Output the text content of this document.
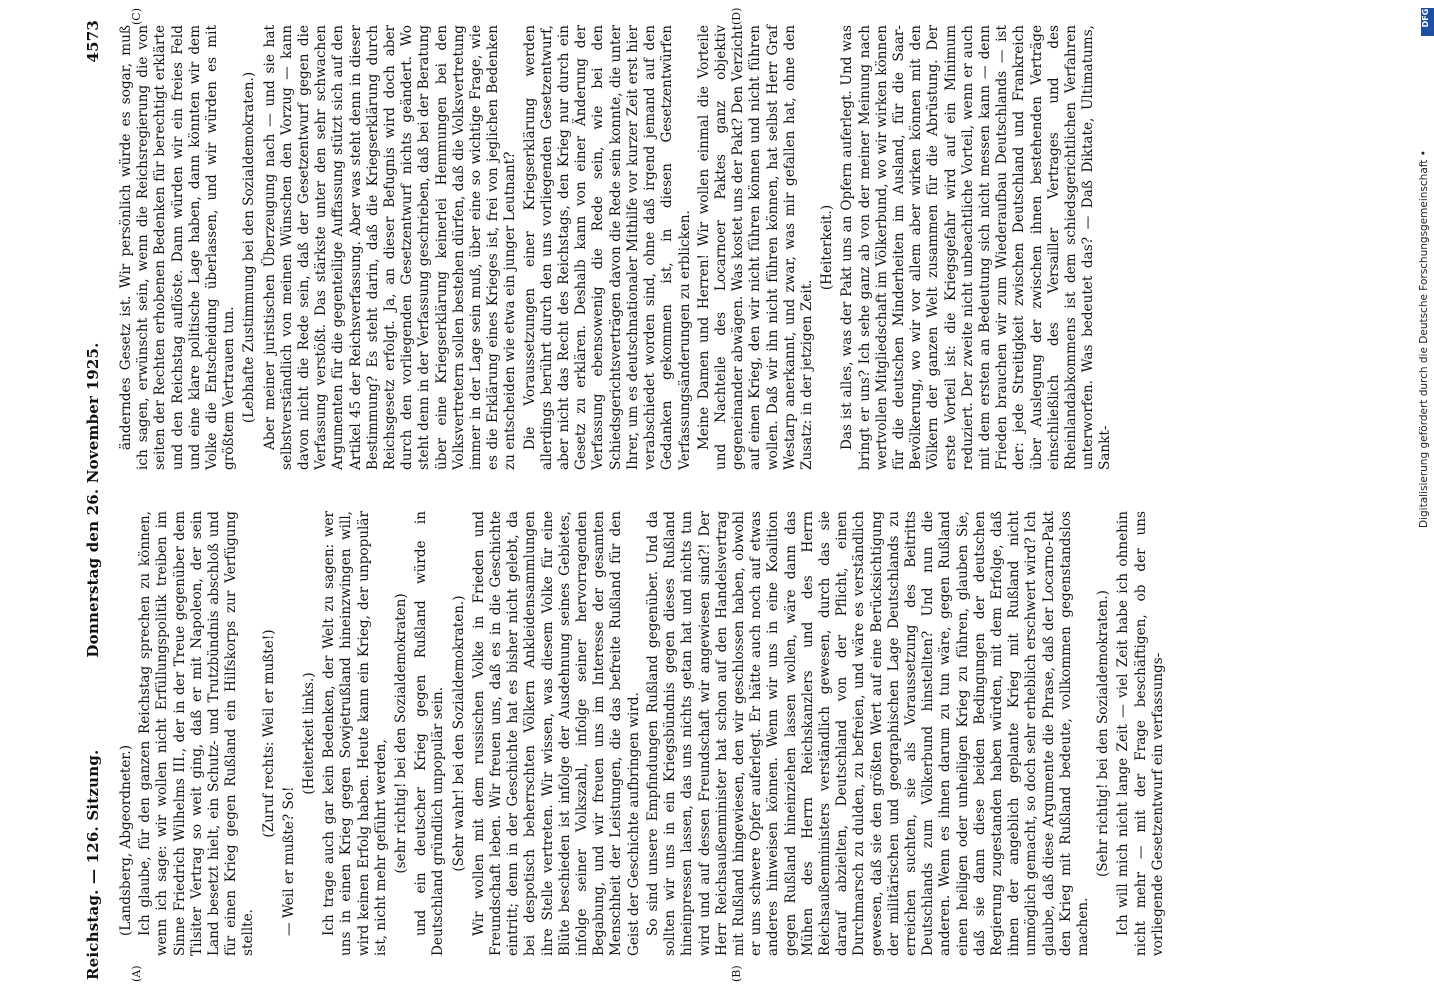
Reichstag. — 126. Sitzung.
Donnerstag den 26. November 1925.
4573
(A)	(B)
(C)	(D)

(Landsberg, Abgeordneter.) Ich glaube, für den ganzen Reichstag sprechen zu können, wenn ich sage: wir wollen nicht Erfüllungspolitik treiben im Sinne Friedrich Wilhelms III., der in der Treue gegenüber dem Tilsiter Vertrag so weit ging, daß er mit Napoleon, der sein Land besetzt hielt, ein Schutz- und Trutzbündnis abschloß und für einen Krieg gegen Rußland ein Hilfskorps zur Verfügung stellte.

(Zuruf rechts: Weil er mußte!)

— Weil er mußte? So!

(Heiterkeit links.) Ich trage auch gar kein Bedenken, der Welt zu sagen: wer uns in einen Krieg gegen Sowjetrußland hineinzwingen will, wird keinen Erfolg haben. Heute kann ein Krieg, der unpopulär ist, nicht mehr geführt werden, (sehr richtig! bei den Sozialdemokraten) und ein deutscher Krieg gegen Rußland würde in Deutschland gründlich unpopulär sein. (Sehr wahr! bei den Sozialdemokraten.) Wir wollen mit dem russischen Volke in Frieden und Freundschaft leben. Wir freuen uns, daß es in die Geschichte eintritt; denn in der Geschichte hat es bisher nicht gelebt, da bei despotisch beherrschten Völkern Ankleidensammlungen ihre Stelle vertreten. Wir wissen, was diesem Volke für eine Blüte beschieden ist infolge der Ausdehnung seines Gebietes, infolge seiner Volkszahl, infolge seiner hervorragenden Begabung, und wir freuen uns im Interesse der gesamten Menschheit der Leistungen, die das befreite Rußland für den Geist der Geschichte aufbringen wird. So sind unsere Empfindungen Rußland gegenüber. Und da sollten wir uns in ein Kriegsbündnis gegen dieses Rußland hineinpressen lassen, das uns nichts getan hat und nichts tun wird und auf dessen Freundschaft wir angewiesen sind?! Der Herr Reichsaußenminister hat schon auf den Handelsvertrag mit Rußland hingewiesen, den wir geschlossen haben, obwohl er uns schwere Opfer auferlegt. Er hätte auch noch auf etwas anderes hinweisen können. Wenn wir uns in eine Koalition gegen Rußland hineinziehen lassen wollen, wäre dann das Mühen des Herrn Reichskanzlers und des Herrn Reichsaußenministers verständlich gewesen, durch das sie darauf abzielten, Deutschland von der Pflicht, einen Durchmarsch zu dulden, zu befreien, und wäre es verständlich gewesen, daß sie den größten Wert auf eine Berücksichtigung der militärischen und geographischen Lage Deutschlands zu erreichen suchten, sie als Voraussetzung des Beitritts Deutschlands zum Völkerbund hinstellten? Und nun die anderen. Wenn es ihnen darum zu tun wäre, gegen Rußland einen heiligen oder unheiligen Krieg zu führen, glauben Sie, daß sie dann diese beiden Bedingungen der deutschen Regierung zugestanden haben würden, mit dem Erfolge, daß ihnen der angeblich geplante Krieg mit Rußland nicht unmöglich gemacht, so doch sehr erheblich erschwert wird? Ich glaube, daß diese Argumente die Phrase, daß der Locarno-Pakt den Krieg mit Rußland bedeute, vollkommen gegenstandslos machen.

(Sehr richtig! bei den Sozialdemokraten.) Ich will mich nicht lange Zeit — viel Zeit habe ich ohnehin nicht mehr — mit der Frage beschäftigen, ob der uns vorliegende Gesetzentwurf ein verfassungs-

änderndes Gesetz ist. Wir persönlich würde es sogar, muß ich sagen, erwünscht sein, wenn die Reichsregierung die von seiten der Rechten erhobenen Bedenken für berechtigt erklärte und den Reichstag auflöste. Dann würden wir ein freies Feld und eine klare politische Lage haben, dann könnten wir dem Volke die Entscheidung überlassen, und wir würden es mit größtem Vertrauen tun. (Lebhafte Zustimmung bei den Sozialdemokraten.) Aber meiner juristischen Überzeugung nach — und sie hat selbstverständlich von meinen Wünschen den Vorzug — kann davon nicht die Rede sein, daß der Gesetzentwurf gegen die Verfassung verstößt. Das stärkste unter den sehr schwachen Argumenten für die gegenteilige Auffassung stützt sich auf den Artikel 45 der Reichsverfassung. Aber was steht denn in dieser Bestimmung? Es steht darin, daß die Kriegserklärung durch Reichsgesetz erfolgt. Ja, an dieser Befugnis wird doch aber durch den vorliegenden Gesetzentwurf nichts geändert. Wo steht denn in der Verfassung geschrieben, daß bei der Beratung über eine Kriegserklärung keinerlei Hemmungen bei den Volksvertretern sollen bestehen dürfen, daß die Volksvertretung immer in der Lage sein muß, über eine so wichtige Frage, wie es die Erklärung eines Krieges ist, frei von jeglichen Bedenken zu entscheiden wie etwa ein junger Leutnant? Die Voraussetzungen einer Kriegserklärung werden allerdings berührt durch den uns vorliegenden Gesetzentwurf, aber nicht das Recht des Reichstags, den Krieg nur durch ein Gesetz zu erklären. Deshalb kann von einer Änderung der Verfassung ebensowenig die Rede sein, wie bei den Schiedsgerichtsverträgen davon die Rede sein konnte, die unter Ihrer, um es deutschnationaler Mithilfe vor kurzer Zeit erst hier verabschiedet worden sind, ohne daß irgend jemand auf den Gedanken gekommen ist, in diesen Gesetzentwürfen Verfassungsänderungen zu erblicken. Meine Damen und Herren! Wir wollen einmal die Vorteile und Nachteile des Locarnoer Paktes ganz objektiv gegeneinander abwägen. Was kostet uns der Pakt? Den Verzicht auf einen Krieg, den wir nicht führen können und nicht führen wollen. Daß wir ihn nicht führen können, hat selbst Herr Graf Westarp anerkannt, und zwar, was mir gefallen hat, ohne den Zusatz: in der jetzigen Zeit.

(Heiterkeit.) Das ist alles, was der Pakt uns an Opfern auferlegt. Und was bringt er uns? Ich sehe ganz ab von der meiner Meinung nach wertvollen Mitgliedschaft im Völkerbund, wo wir wirken können für die deutschen Minderheiten im Ausland, für die Saar-Bevölkerung, wo wir vor allem aber wirken können mit den Völkern der ganzen Welt zusammen für die Abrüstung. Der erste Vorteil ist: die Kriegsgefahr wird auf ein Minimum reduziert. Der zweite nicht unbeachtliche Vorteil, wenn er auch mit dem ersten an Bedeutung sich nicht messen kann — denn Frieden brauchen wir zum Wiederaufbau Deutschlands — ist der: jede Streitigkeit zwischen Deutschland und Frankreich über Auslegung der zwischen ihnen bestehenden Verträge einschließlich des Versailler Vertrages und des Rheinlandabkommens ist dem schiedsgerichtlichen Verfahren unterworfen. Was bedeutet das? — Daß Diktate, Ultimatums, Sankt-	Digitalisierung gefördert durch die Deutsche Forschungsgemeinschaft •
DFG
